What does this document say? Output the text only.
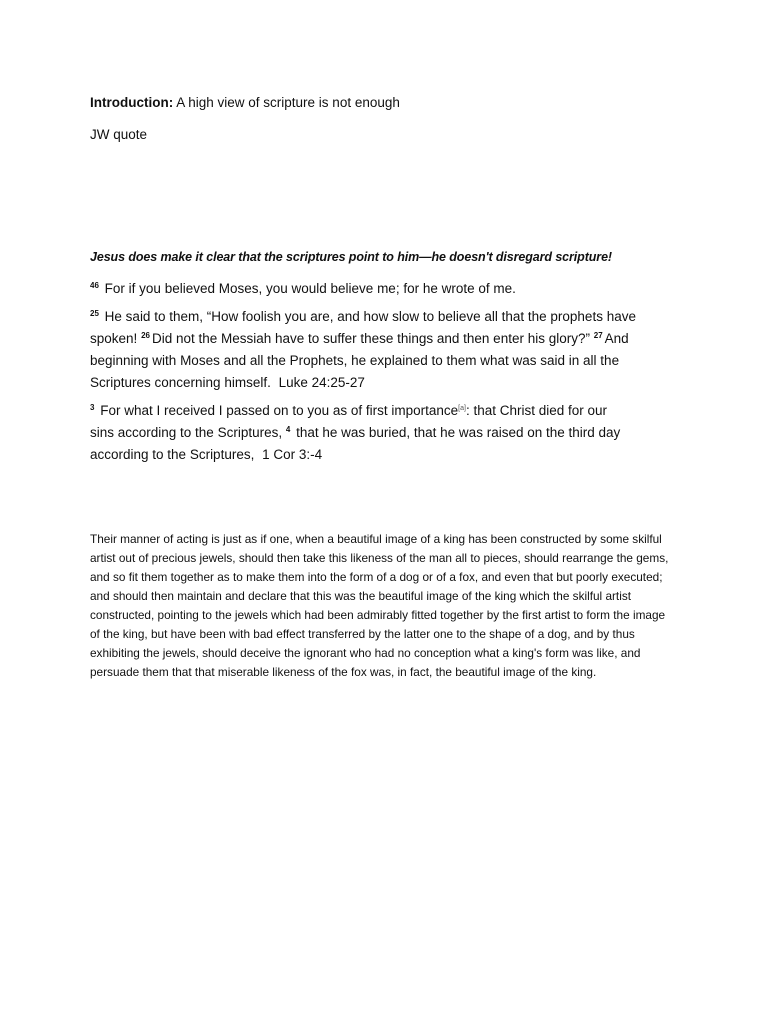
Introduction: A high view of scripture is not enough
JW quote
Jesus does make it clear that the scriptures point to him—he doesn't disregard scripture!
$^{46}$ For if you believed Moses, you would believe me; for he wrote of me.
$^{25}$ He said to them, “How foolish you are, and how slow to believe all that the prophets have spoken! $^{26}$ Did not the Messiah have to suffer these things and then enter his glory?” $^{27}$ And beginning with Moses and all the Prophets, he explained to them what was said in all the Scriptures concerning himself. Luke 24:25-27
$^3$ For what I received I passed on to you as of first importance[a]: that Christ died for our sins according to the Scriptures, $^4$ that he was buried, that he was raised on the third day according to the Scriptures, 1 Cor 3:-4
Their manner of acting is just as if one, when a beautiful image of a king has been constructed by some skilful artist out of precious jewels, should then take this likeness of the man all to pieces, should rearrange the gems, and so fit them together as to make them into the form of a dog or of a fox, and even that but poorly executed; and should then maintain and declare that this was the beautiful image of the king which the skilful artist constructed, pointing to the jewels which had been admirably fitted together by the first artist to form the image of the king, but have been with bad effect transferred by the latter one to the shape of a dog, and by thus exhibiting the jewels, should deceive the ignorant who had no conception what a king's form was like, and persuade them that that miserable likeness of the fox was, in fact, the beautiful image of the king.
